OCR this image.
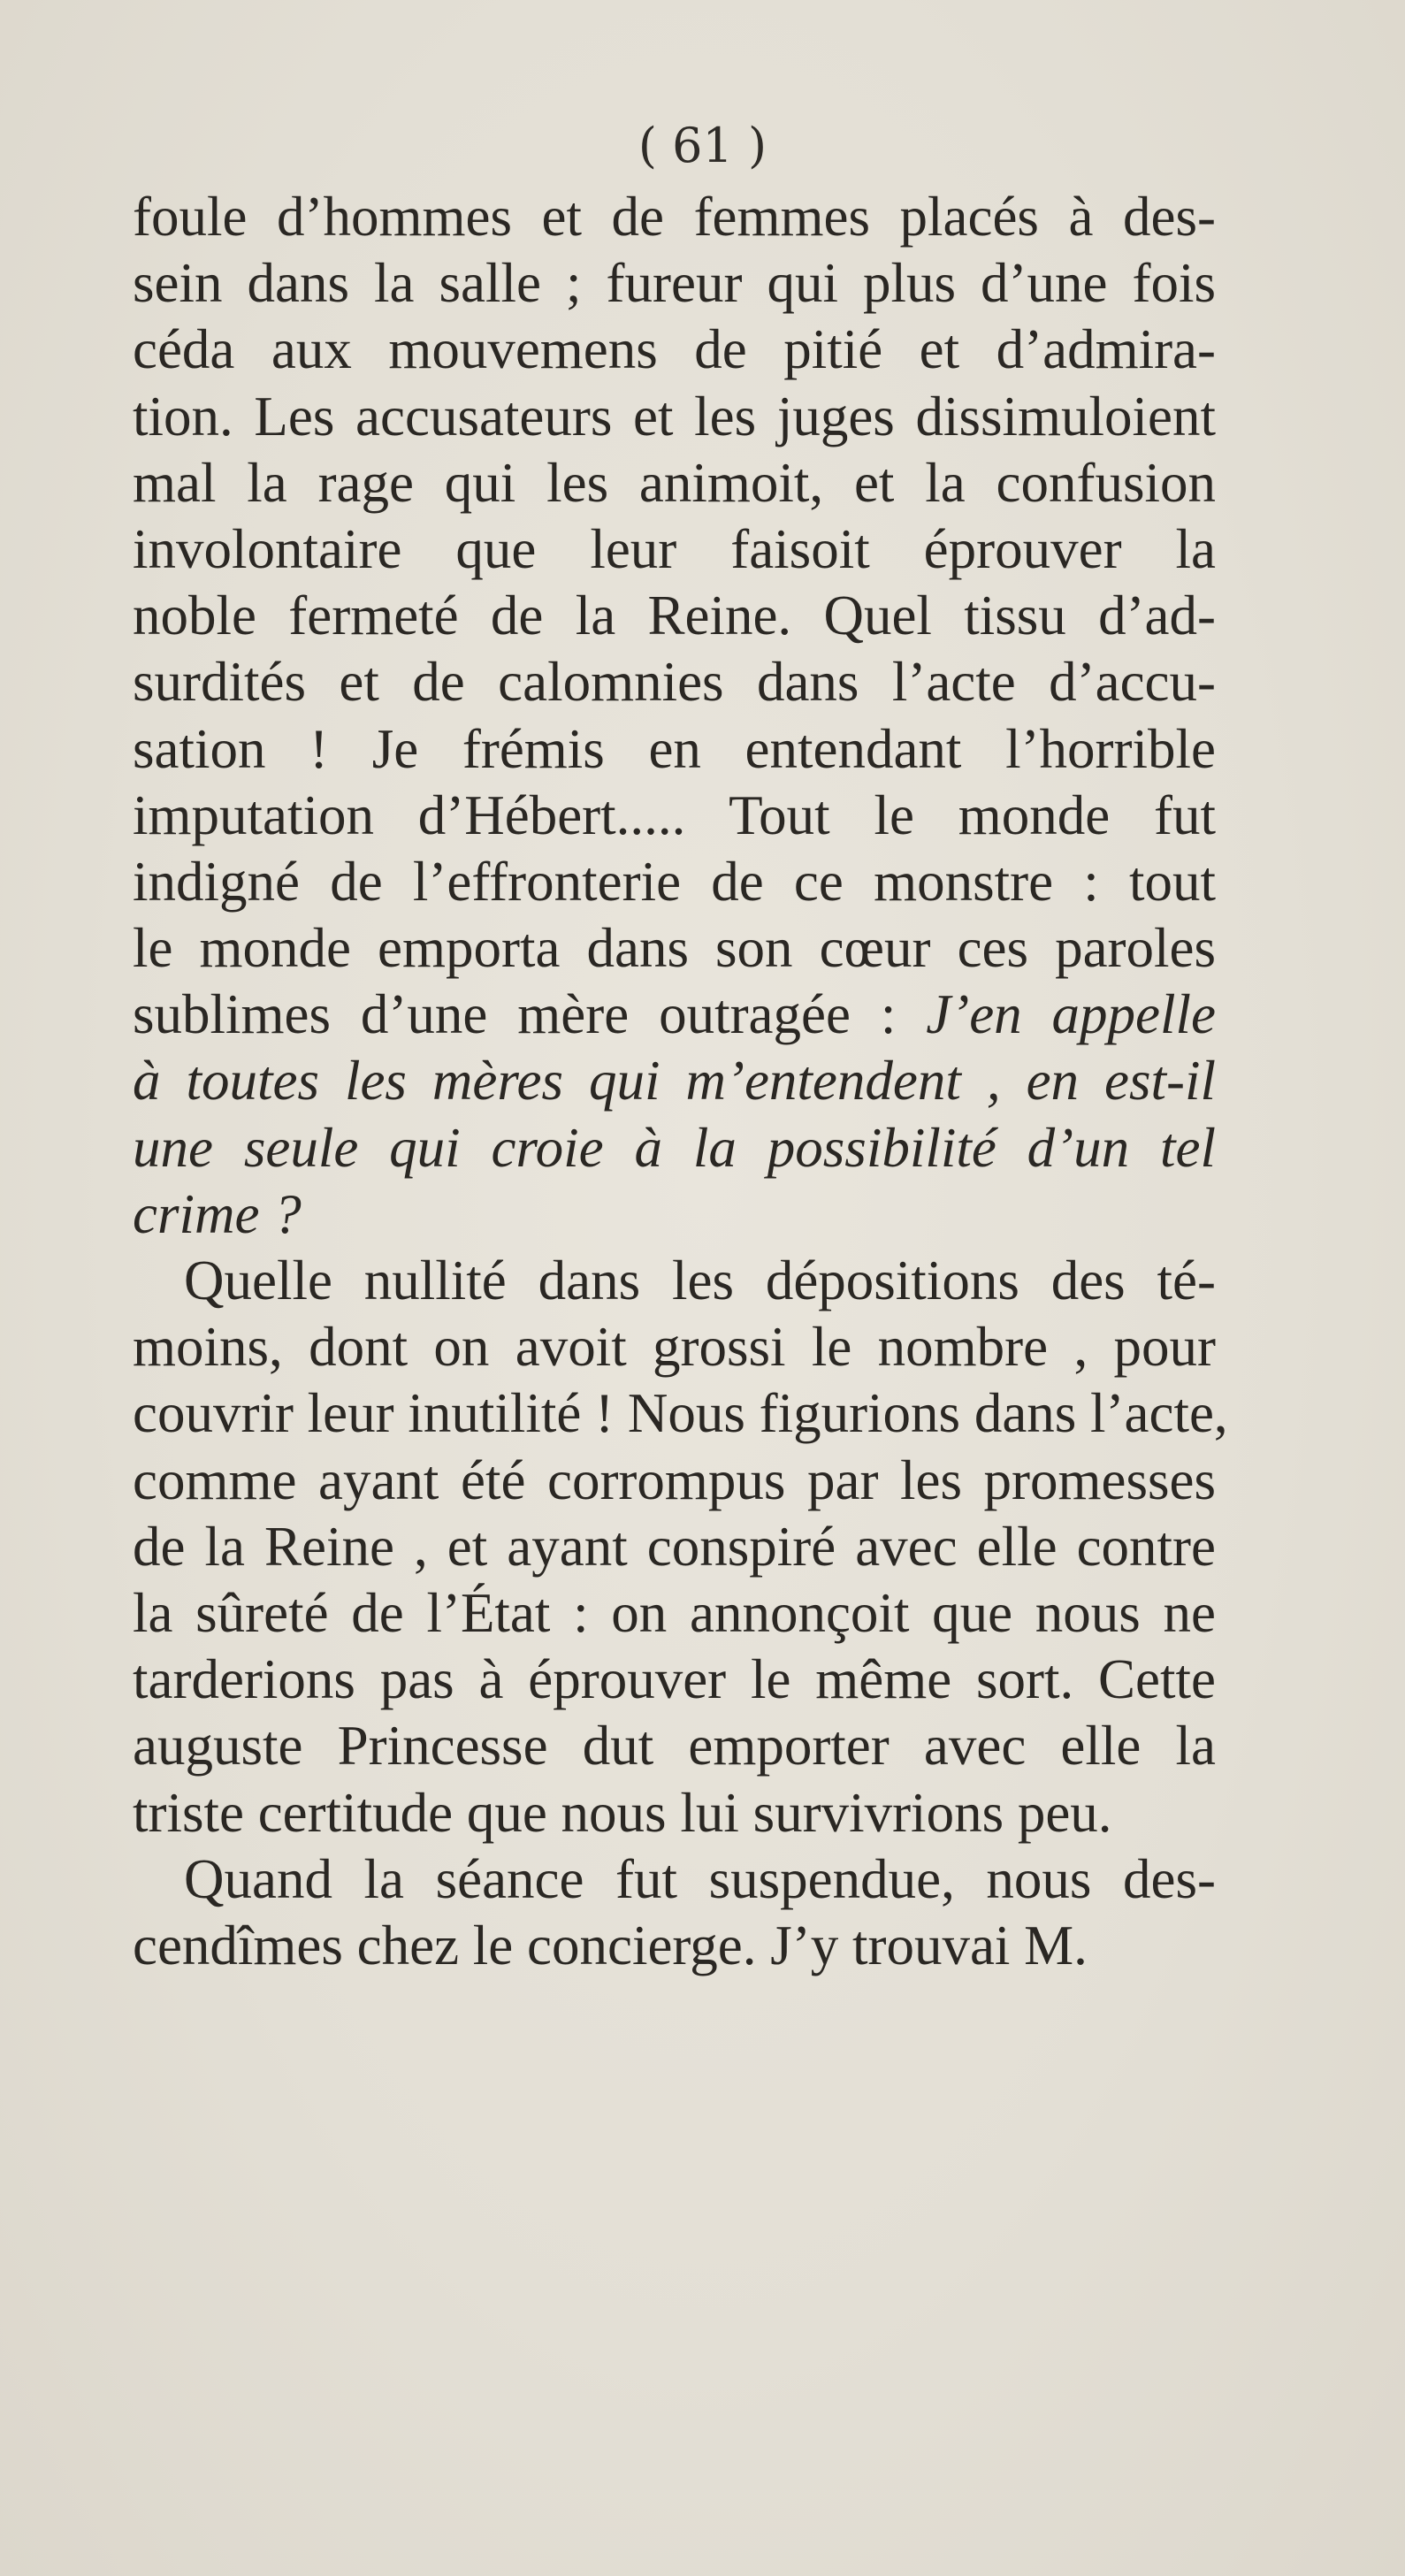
( 61 )
foule d’hommes et de femmes placés à des-
sein dans la salle ; fureur qui plus d’une fois
céda aux mouvemens de pitié et d’admira-
tion. Les accusateurs et les juges dissimuloient
mal la rage qui les animoit, et la confusion
involontaire que leur faisoit éprouver la
noble fermeté de la Reine. Quel tissu d’ad-
surdités et de calomnies dans l’acte d’accu-
sation ! Je frémis en entendant l’horrible
imputation d’Hébert..... Tout le monde fut
indigné de l’effronterie de ce monstre : tout
le monde emporta dans son cœur ces paroles
sublimes d’une mère outragée : J’en appelle
à toutes les mères qui m’entendent , en est-il
une seule qui croie à la possibilité d’un tel
crime ?
Quelle nullité dans les dépositions des té-
moins, dont on avoit grossi le nombre , pour
couvrir leur inutilité ! Nous figurions dans l’acte,
comme ayant été corrompus par les promesses
de la Reine , et ayant conspiré avec elle contre
la sûreté de l’État : on annonçoit que nous ne
tarderions pas à éprouver le même sort. Cette
auguste Princesse dut emporter avec elle la
triste certitude que nous lui survivrions peu.
Quand la séance fut suspendue, nous des-
cendîmes chez le concierge. J’y trouvai M.
